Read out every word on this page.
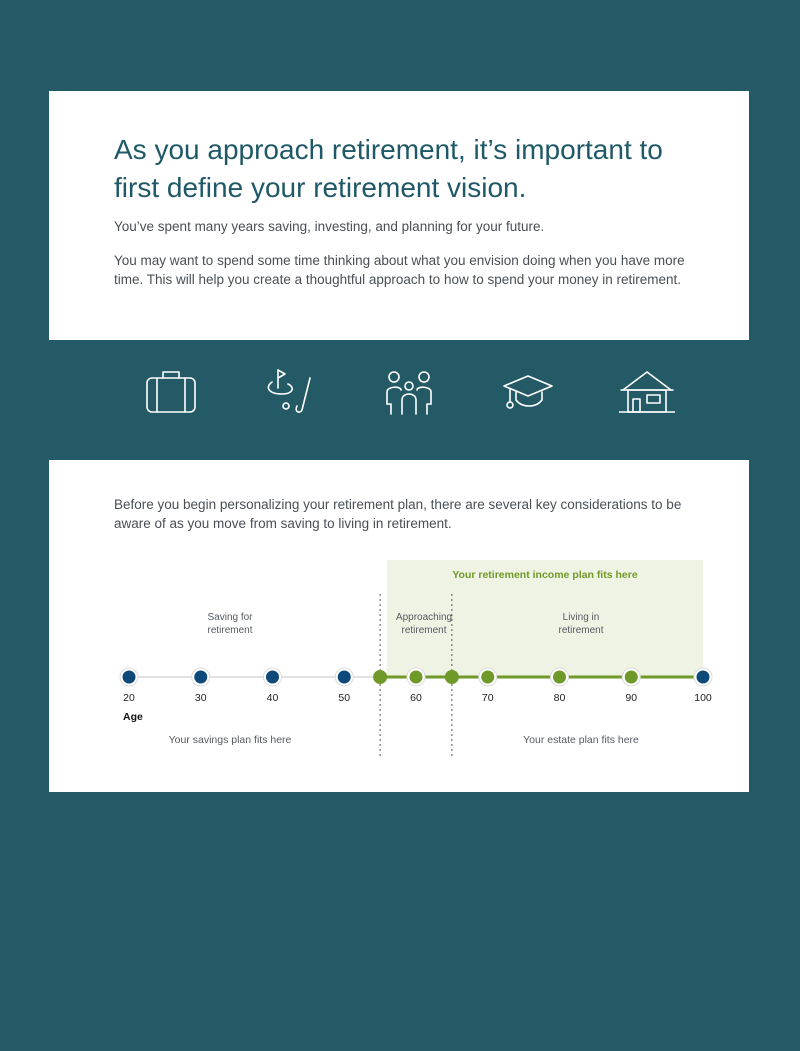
As you approach retirement, it’s important to
first define your retirement vision.

You’ve spent many years saving, investing, and planning for your future.

You may want to spend some time thinking about what you envision doing when you have more time. This will help you create a thoughtful approach to how to spend your money in retirement.

Before you begin personalizing your retirement plan, there are several key considerations to be aware of as you move from saving to living in retirement.

Your retirement income plan fits here
Saving for
retirement
Approaching
retirement
Living in
retirement
20	30	40	50	60	70	80	90	100
Age
Your savings plan fits here	Your estate plan fits here
